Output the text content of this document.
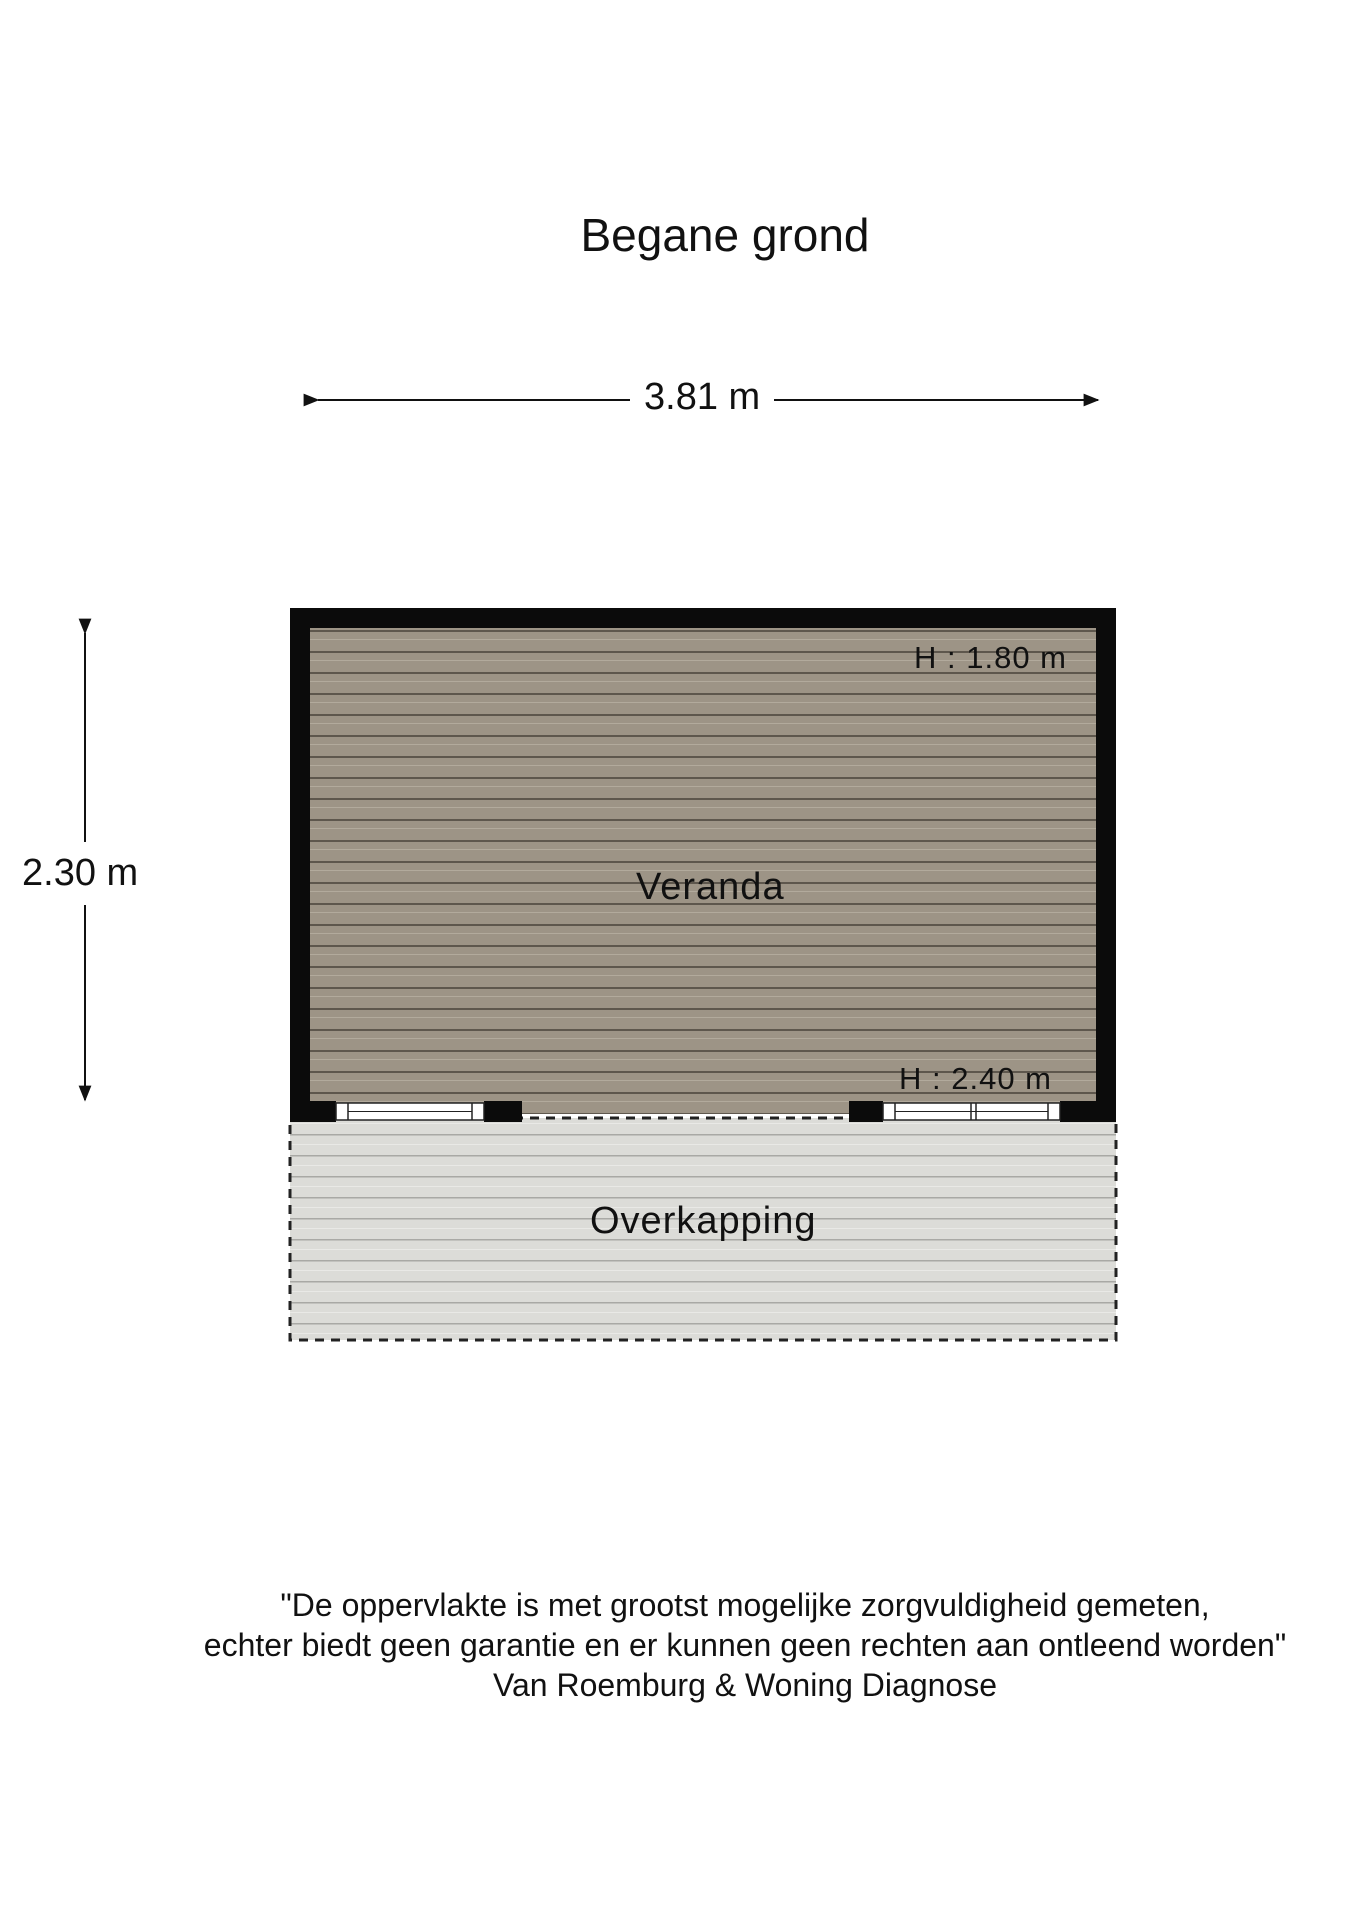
Begane grond
3.81 m
2.30 m	Veranda
H : 1.80 m
H : 2.40 m
Overkapping
"De oppervlakte is met grootst mogelijke zorgvuldigheid gemeten,
echter biedt geen garantie en er kunnen geen rechten aan ontleend worden"
Van Roemburg & Woning Diagnose
